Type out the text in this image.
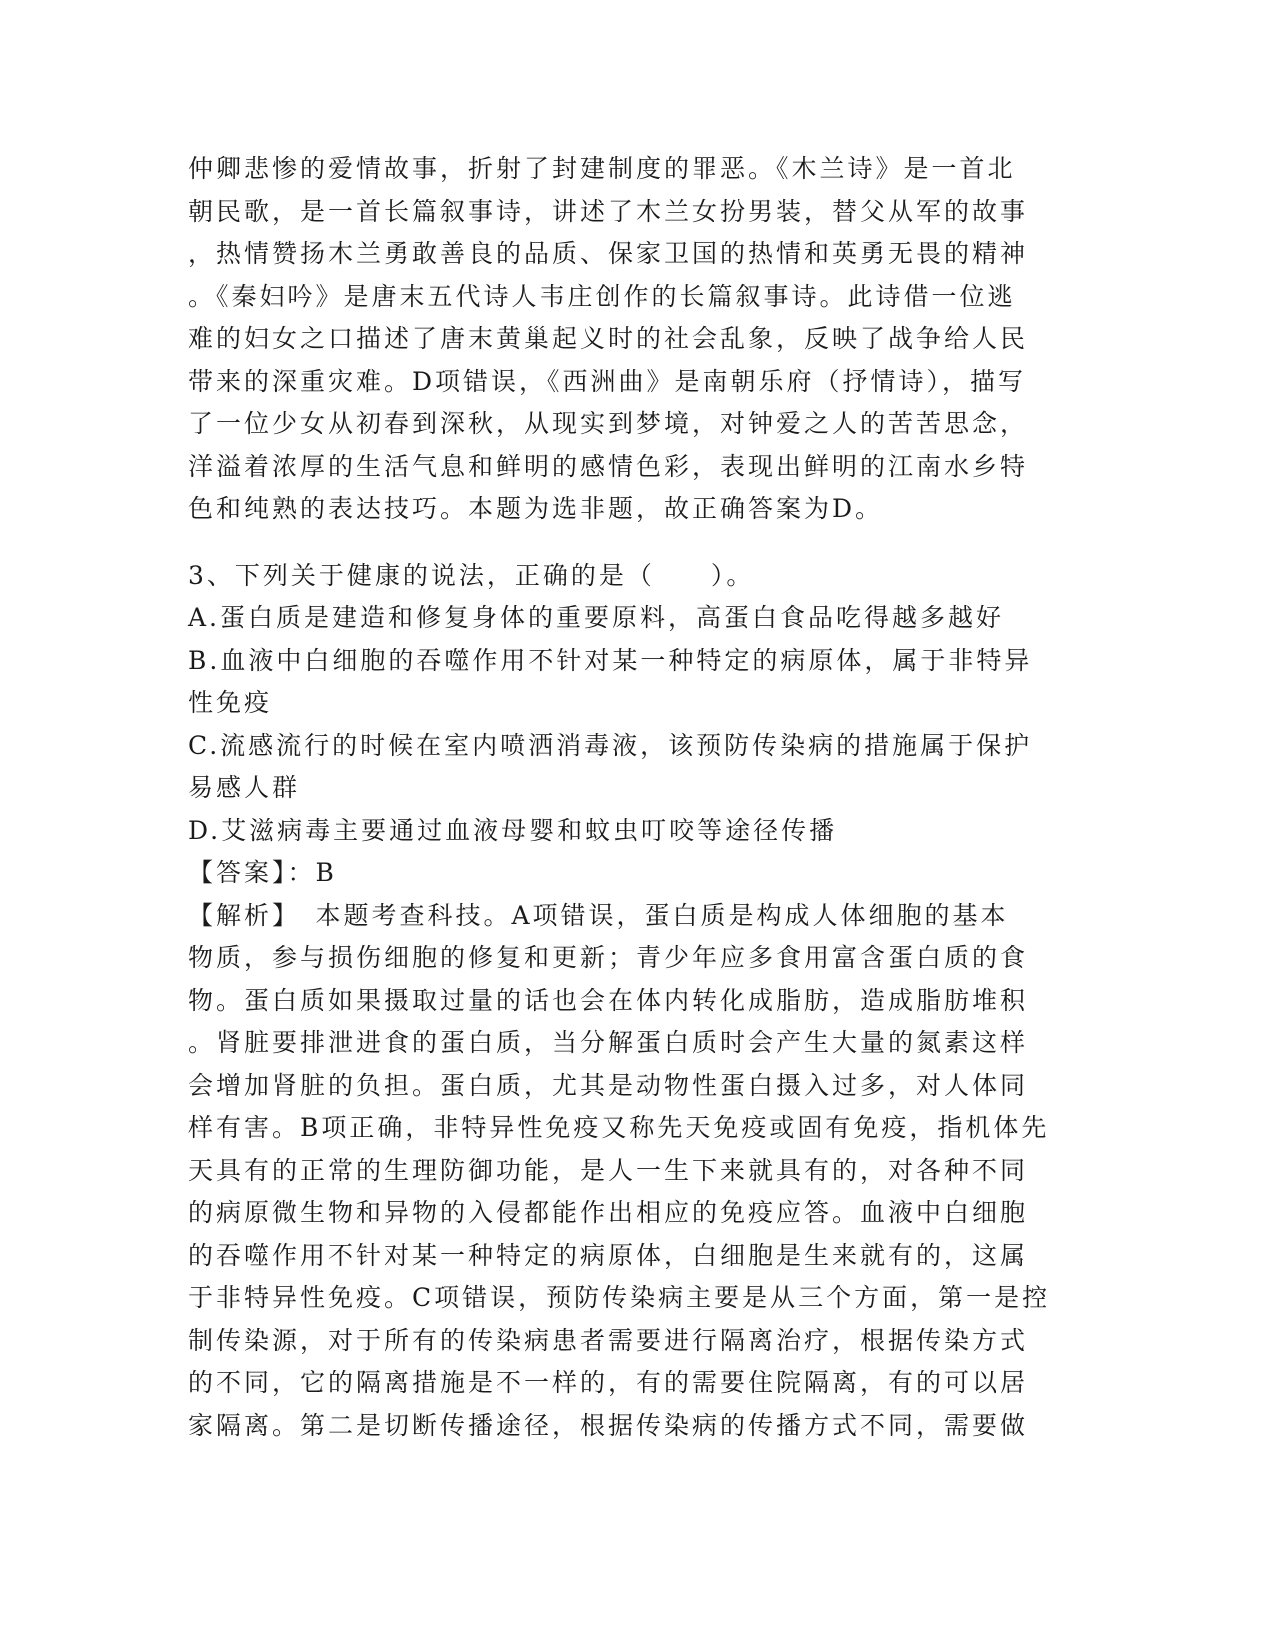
仲卿悲惨的爱情故事，折射了封建制度的罪恶。《木兰诗》是一首北
朝民歌，是一首长篇叙事诗，讲述了木兰女扮男装，替父从军的故事
，热情赞扬木兰勇敢善良的品质、保家卫国的热情和英勇无畏的精神
。《秦妇吟》是唐末五代诗人韦庄创作的长篇叙事诗。此诗借一位逃
难的妇女之口描述了唐末黄巢起义时的社会乱象，反映了战争给人民
带来的深重灾难。D项错误，《西洲曲》是南朝乐府（抒情诗），描写
了一位少女从初春到深秋，从现实到梦境，对钟爱之人的苦苦思念，
洋溢着浓厚的生活气息和鲜明的感情色彩，表现出鲜明的江南水乡特
色和纯熟的表达技巧。本题为选非题，故正确答案为D。
3、下列关于健康的说法，正确的是（　　）。
A.蛋白质是建造和修复身体的重要原料，高蛋白食品吃得越多越好
B.血液中白细胞的吞噬作用不针对某一种特定的病原体，属于非特异
性免疫
C.流感流行的时候在室内喷洒消毒液，该预防传染病的措施属于保护
易感人群
D.艾滋病毒主要通过血液母婴和蚊虫叮咬等途径传播
【答案】：B
【解析】　本题考查科技。A项错误，蛋白质是构成人体细胞的基本
物质，参与损伤细胞的修复和更新；青少年应多食用富含蛋白质的食
物。蛋白质如果摄取过量的话也会在体内转化成脂肪，造成脂肪堆积
。肾脏要排泄进食的蛋白质，当分解蛋白质时会产生大量的氮素这样
会增加肾脏的负担。蛋白质，尤其是动物性蛋白摄入过多，对人体同
样有害。B项正确，非特异性免疫又称先天免疫或固有免疫，指机体先
天具有的正常的生理防御功能，是人一生下来就具有的，对各种不同
的病原微生物和异物的入侵都能作出相应的免疫应答。血液中白细胞
的吞噬作用不针对某一种特定的病原体，白细胞是生来就有的，这属
于非特异性免疫。C项错误，预防传染病主要是从三个方面，第一是控
制传染源，对于所有的传染病患者需要进行隔离治疗，根据传染方式
的不同，它的隔离措施是不一样的，有的需要住院隔离，有的可以居
家隔离。第二是切断传播途径，根据传染病的传播方式不同，需要做
